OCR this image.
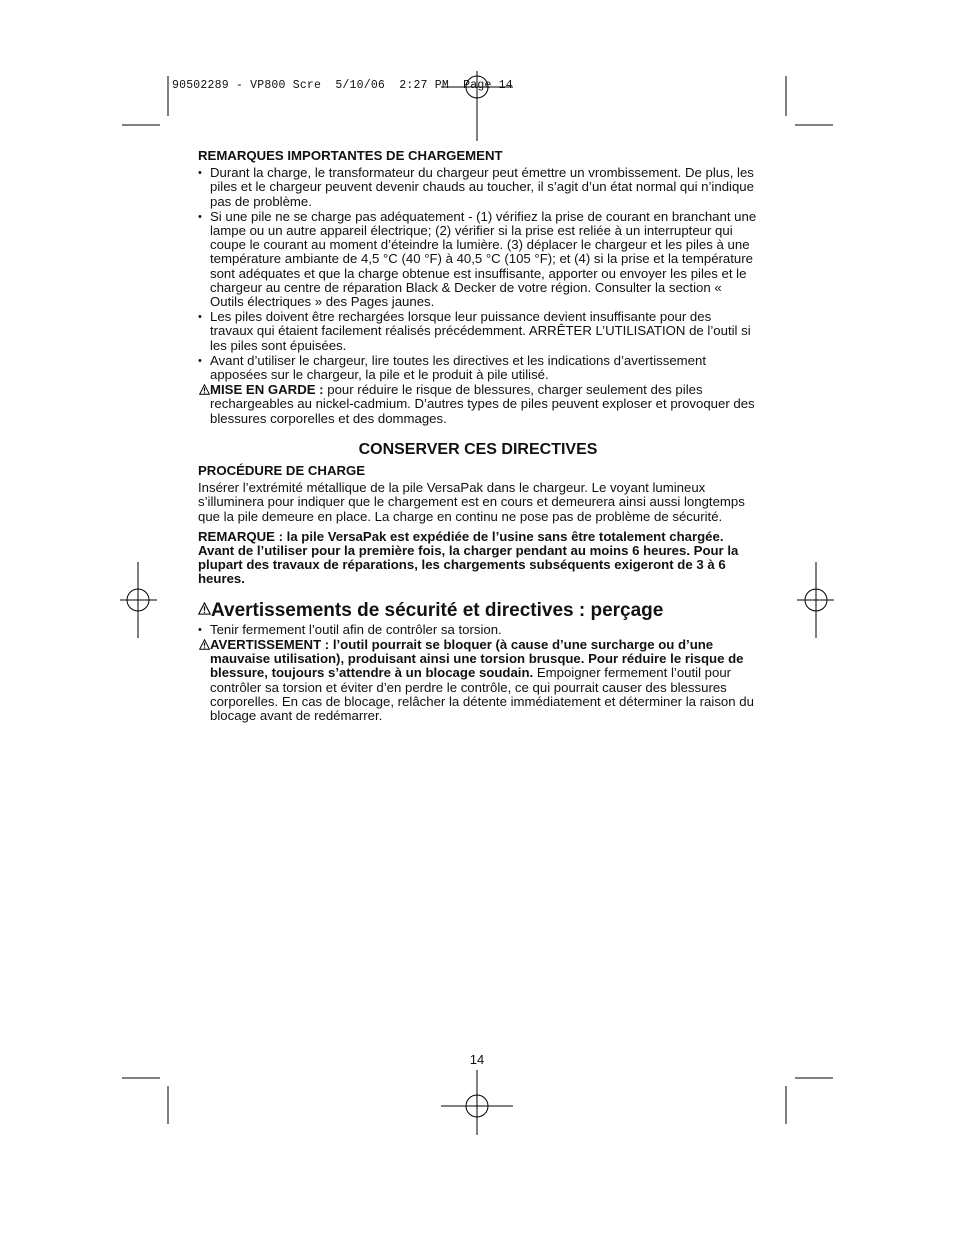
90502289 - VP800 Scre  5/10/06  2:27 PM  Page 14
REMARQUES IMPORTANTES DE CHARGEMENT
• Durant la charge, le transformateur du chargeur peut émettre un vrombissement. De plus, les piles et le chargeur peuvent devenir chauds au toucher, il s’agit d’un état normal qui n’indique pas de problème.
• Si une pile ne se charge pas adéquatement - (1) vérifiez la prise de courant en branchant une lampe ou un autre appareil électrique; (2) vérifier si la prise est reliée à un interrupteur qui coupe le courant au moment d’éteindre la lumière. (3) déplacer le chargeur et les piles à une température ambiante de 4,5 °C (40 °F) à 40,5 °C (105 °F); et (4) si la prise et la température sont adéquates et que la charge obtenue est insuffisante, apporter ou envoyer les piles et le chargeur au centre de réparation Black & Decker de votre région. Consulter la section « Outils électriques » des Pages jaunes.
• Les piles doivent être rechargées lorsque leur puissance devient insuffisante pour des travaux qui étaient facilement réalisés précédemment. ARRÊTER L’UTILISATION de l’outil si les piles sont épuisées.
• Avant d’utiliser le chargeur, lire toutes les directives et les indications d’avertissement apposées sur le chargeur, la pile et le produit à pile utilisé.
MISE EN GARDE : pour réduire le risque de blessures, charger seulement des piles rechargeables au nickel-cadmium. D’autres types de piles peuvent exploser et provoquer des blessures corporelles et des dommages.
CONSERVER CES DIRECTIVES
PROCÉDURE DE CHARGE
Insérer l’extrémité métallique de la pile VersaPak dans le chargeur. Le voyant lumineux s’illuminera pour indiquer que le chargement est en cours et demeurera ainsi aussi longtemps que la pile demeure en place. La charge en continu ne pose pas de problème de sécurité.
REMARQUE : la pile VersaPak est expédiée de l’usine sans être totalement chargée. Avant de l’utiliser pour la première fois, la charger pendant au moins 6 heures. Pour la plupart des travaux de réparations, les chargements subséquents exigeront de 3 à 6 heures.
Avertissements de sécurité et directives : perçage
• Tenir fermement l’outil afin de contrôler sa torsion.
AVERTISSEMENT : l’outil pourrait se bloquer (à cause d’une surcharge ou d’une mauvaise utilisation), produisant ainsi une torsion brusque. Pour réduire le risque de blessure, toujours s’attendre à un blocage soudain. Empoigner fermement l’outil pour contrôler sa torsion et éviter d’en perdre le contrôle, ce qui pourrait causer des blessures corporelles. En cas de blocage, relâcher la détente immédiatement et déterminer la raison du blocage avant de redémarrer.
14
